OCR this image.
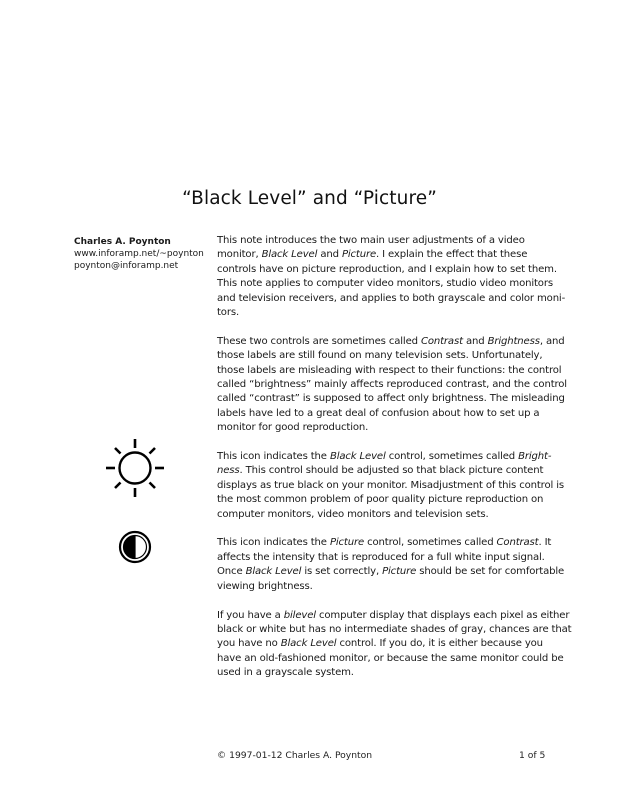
“Black Level” and “Picture”
Charles A. Poynton
www.inforamp.net/~poynton
poynton@inforamp.net

This note introduces the two main user adjustments of a video
monitor, Black Level and Picture. I explain the effect that these
controls have on picture reproduction, and I explain how to set them.
This note applies to computer video monitors, studio video monitors
and television receivers, and applies to both grayscale and color moni-
tors.

These two controls are sometimes called Contrast and Brightness, and
those labels are still found on many television sets. Unfortunately,
those labels are misleading with respect to their functions: the control
called “brightness” mainly affects reproduced contrast, and the control
called “contrast” is supposed to affect only brightness. The misleading
labels have led to a great deal of confusion about how to set up a
monitor for good reproduction.

This icon indicates the Black Level control, sometimes called Bright-
ness. This control should be adjusted so that black picture content
displays as true black on your monitor. Misadjustment of this control is
the most common problem of poor quality picture reproduction on
computer monitors, video monitors and television sets.

This icon indicates the Picture control, sometimes called Contrast. It
affects the intensity that is reproduced for a full white input signal.
Once Black Level is set correctly, Picture should be set for comfortable
viewing brightness.

If you have a bilevel computer display that displays each pixel as either
black or white but has no intermediate shades of gray, chances are that
you have no Black Level control. If you do, it is either because you
have an old-fashioned monitor, or because the same monitor could be
used in a grayscale system.

© 1997-01-12 Charles A. Poynton	1 of 5
